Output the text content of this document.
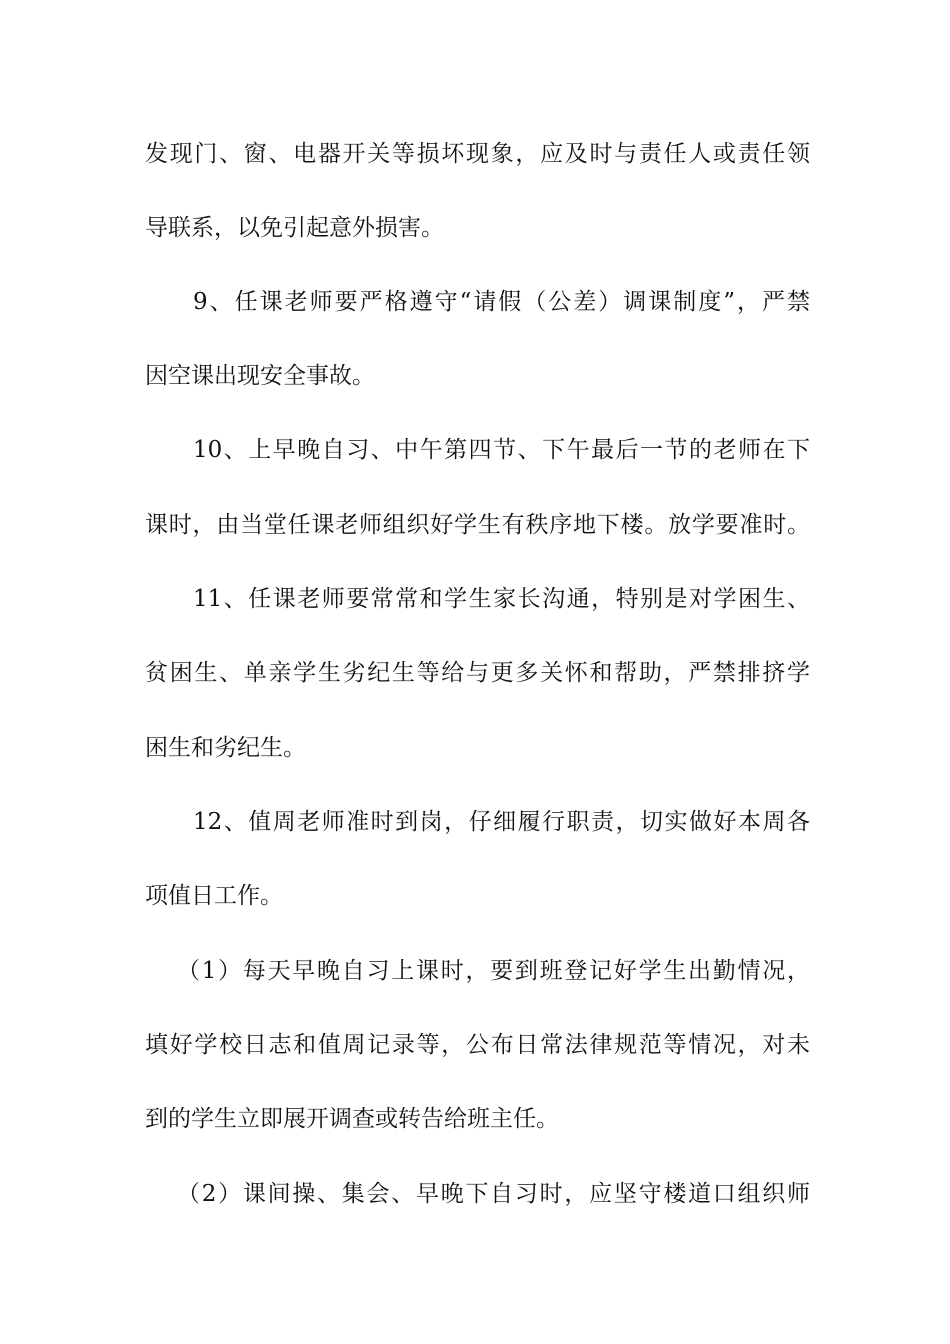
发现门、窗、电器开关等损坏现象，应及时与责任人或责任领
导联系，以免引起意外损害。
9、任课老师要严格遵守“请假（公差）调课制度”，严禁
因空课出现安全事故。
10、上早晚自习、中午第四节、下午最后一节的老师在下
课时，由当堂任课老师组织好学生有秩序地下楼。放学要准时。
11、任课老师要常常和学生家长沟通，特别是对学困生、
贫困生、单亲学生劣纪生等给与更多关怀和帮助，严禁排挤学
困生和劣纪生。
12、值周老师准时到岗，仔细履行职责，切实做好本周各
项值日工作。
（1）每天早晚自习上课时，要到班登记好学生出勤情况，
填好学校日志和值周记录等，公布日常法律规范等情况，对未
到的学生立即展开调查或转告给班主任。
（2）课间操、集会、早晚下自习时，应坚守楼道口组织师
